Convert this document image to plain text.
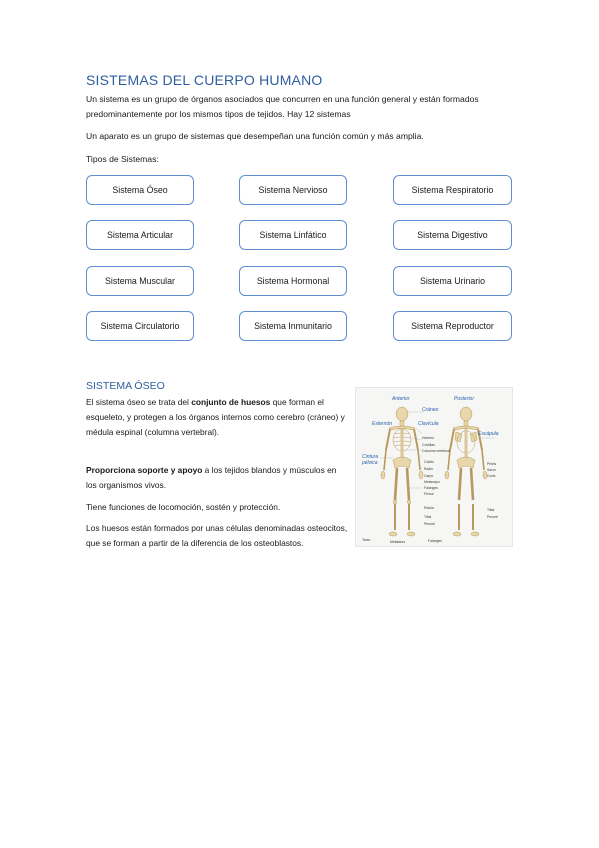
SISTEMAS DEL CUERPO HUMANO

Un sistema es un grupo de órganos asociados que concurren en una función general y están formados predominantemente por los mismos tipos de tejidos. Hay 12 sistemas

Un aparato es un grupo de sistemas que desempeñan una función común y más amplia.

Tipos de Sistemas:

Sistema Óseo	Sistema Nervioso	Sistema Respiratorio
Sistema Articular	Sistema Linfático	Sistema Digestivo
Sistema Muscular	Sistema Hormonal	Sistema Urinario
Sistema Circulatorio	Sistema Inmunitario	Sistema Reproductor
SISTEMA ÓSEO

El sistema óseo se trata del conjunto de huesos que forman el esqueleto, y protegen a los órganos internos como cerebro (cráneo) y médula espinal (columna vertebral).

Proporciona soporte y apoyo a los tejidos blandos y músculos en los organismos vivos.

Tiene funciones de locomoción, sostén y protección.

Los huesos están formados por unas células denominadas osteocitos, que se forman a partir de la diferencia de los osteoblastos.

Anterior	Posterior
Cráneo
Esternón	Clavícula
Escápula
Húmero
Costillas
Columna vertebral
Cúbito
Radio
Carpo
Metacarpo
Falanges
Fémur
Cintura pélvica
Rótula
Tibia
Peroné
Tarso	Metatarso	Falanges
Pelvis
Sacro
Coxis
Tibia
Peroné
